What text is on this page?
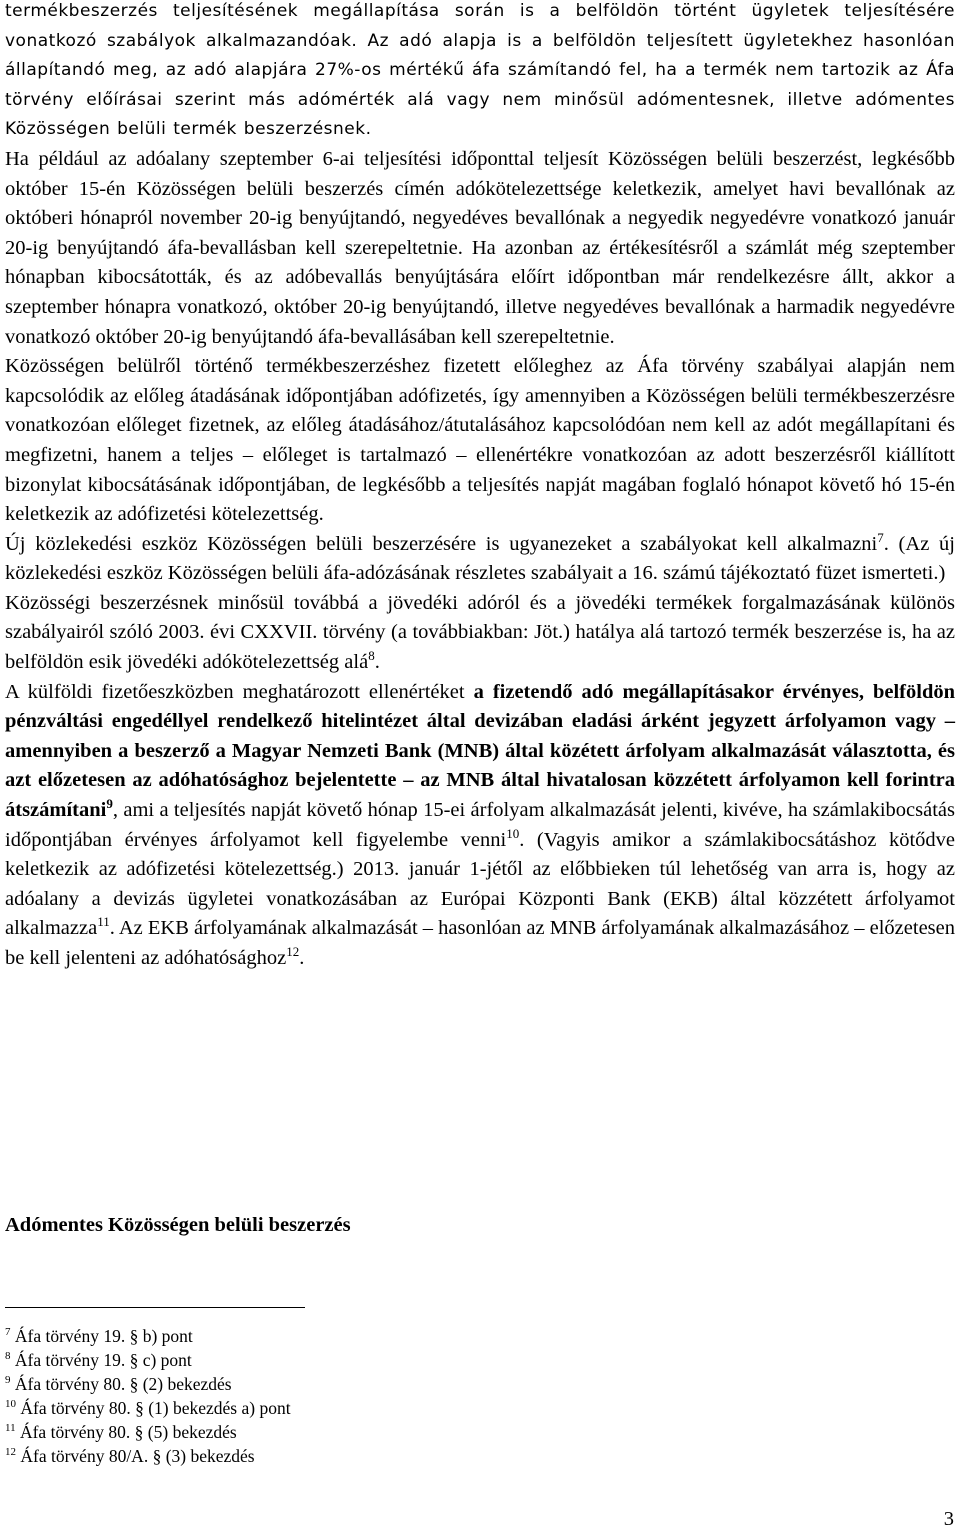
termékbeszerzés teljesítésének megállapítása során is a belföldön történt ügyletek teljesítésére vonatkozó szabályok alkalmazandóak. Az adó alapja is a belföldön teljesített ügyletekhez hasonlóan állapítandó meg, az adó alapjára 27%-os mértékű áfa számítandó fel, ha a termék nem tartozik az Áfa törvény előírásai szerint más adómérték alá vagy nem minősül adómentesnek, illetve adómentes Közösségen belüli termék beszerzésnek.

Ha például az adóalany szeptember 6-ai teljesítési időponttal teljesít Közösségen belüli beszerzést, legkésőbb október 15-én Közösségen belüli beszerzés címén adókötelezettsége keletkezik, amelyet havi bevallónak az októberi hónapról november 20-ig benyújtandó, negyedéves bevallónak a negyedik negyedévre vonatkozó január 20-ig benyújtandó áfa-bevallásban kell szerepeltetnie. Ha azonban az értékesítésről a számlát még szeptember hónapban kibocsátották, és az adóbevallás benyújtására előírt időpontban már rendelkezésre állt, akkor a szeptember hónapra vonatkozó, október 20-ig benyújtandó, illetve negyedéves bevallónak a harmadik negyedévre vonatkozó október 20-ig benyújtandó áfa-bevallásában kell szerepeltetnie.

Közösségen belülről történő termékbeszerzéshez fizetett előleghez az Áfa törvény szabályai alapján nem kapcsolódik az előleg átadásának időpontjában adófizetés, így amennyiben a Közösségen belüli termékbeszerzésre vonatkozóan előleget fizetnek, az előleg átadásához/átutalásához kapcsolódóan nem kell az adót megállapítani és megfizetni, hanem a teljes – előleget is tartalmazó – ellenértékre vonatkozóan az adott beszerzésről kiállított bizonylat kibocsátásának időpontjában, de legkésőbb a teljesítés napját magában foglaló hónapot követő hó 15-én keletkezik az adófizetési kötelezettség.

Új közlekedési eszköz Közösségen belüli beszerzésére is ugyanezeket a szabályokat kell alkalmazni$^7$. (Az új közlekedési eszköz Közösségen belüli áfa-adózásának részletes szabályait a 16. számú tájékoztató füzet ismerteti.)

Közösségi beszerzésnek minősül továbbá a jövedéki adóról és a jövedéki termékek forgalmazásának különös szabályairól szóló 2003. évi CXXVII. törvény (a továbbiakban: Jöt.) hatálya alá tartozó termék beszerzése is, ha az belföldön esik jövedéki adókötelezettség alá$^8$.

A külföldi fizetőeszközben meghatározott ellenértéket a fizetendő adó megállapításakor érvényes, belföldön pénzváltási engedéllyel rendelkező hitelintézet által devizában eladási árként jegyzett árfolyamon vagy – amennyiben a beszerző a Magyar Nemzeti Bank (MNB) által közétett árfolyam alkalmazását választotta, és azt előzetesen az adóhatósághoz bejelentette – az MNB által hivatalosan közzétett árfolyamon kell forintra átszámítani$^9$, ami a teljesítés napját követő hónap 15-ei árfolyam alkalmazását jelenti, kivéve, ha számlakibocsátás időpontjában érvényes árfolyamot kell figyelembe venni$^{10}$. (Vagyis amikor a számlakibocsátáshoz kötődve keletkezik az adófizetési kötelezettség.) 2013. január 1-jétől az előbbieken túl lehetőség van arra is, hogy az adóalany a devizás ügyletei vonatkozásában az Európai Központi Bank (EKB) által közzétett árfolyamot alkalmazza$^{11}$. Az EKB árfolyamának alkalmazását – hasonlóan az MNB árfolyamának alkalmazásához – előzetesen be kell jelenteni az adóhatósághoz$^{12}$.

Adómentes Közösségen belüli beszerzés

$^7$ Áfa törvény 19. § b) pont

$^8$ Áfa törvény 19. § c) pont

$^9$ Áfa törvény 80. § (2) bekezdés

$^{10}$ Áfa törvény 80. § (1) bekezdés a) pont

$^{11}$ Áfa törvény 80. § (5) bekezdés

$^{12}$ Áfa törvény 80/A. § (3) bekezdés

3
